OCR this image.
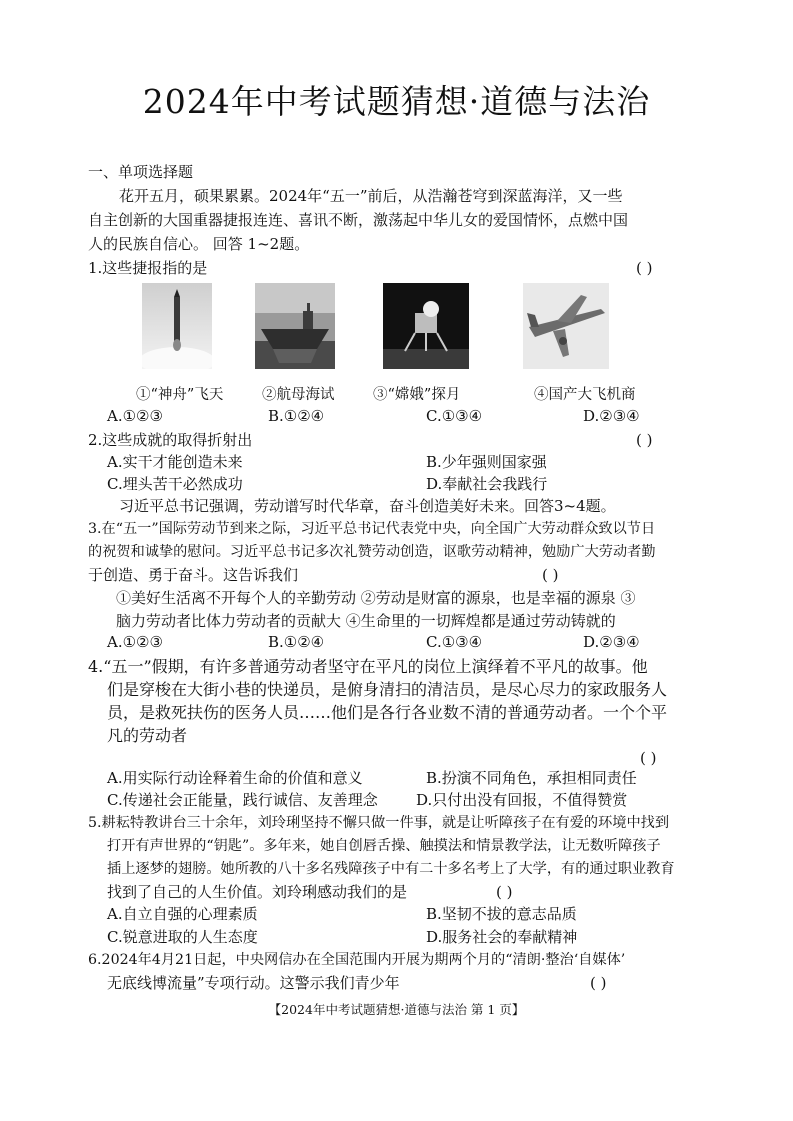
2024年中考试题猜想·道德与法治
一、单项选择题
花开五月，硕果累累。2024年“五一”前后，从浩瀚苍穹到深蓝海洋，又一些
自主创新的大国重器捷报连连、喜讯不断，激荡起中华儿女的爱国情怀，点燃中国
人的民族自信心。 回答 1~2题。
1.这些捷报指的是	( )
①“神舟”飞天	②航母海试	③“嫦娥”探月	④国产大飞机商
A.①②③	B.①②④	C.①③④	D.②③④
2.这些成就的取得折射出	( )
A.实干才能创造未来	B.少年强则国家强
C.埋头苦干必然成功	D.奉献社会我践行
习近平总书记强调，劳动谱写时代华章，奋斗创造美好未来。回答3~4题。
3.在“五一”国际劳动节到来之际，习近平总书记代表党中央，向全国广大劳动群众致以节日
的祝贺和诚挚的慰问。习近平总书记多次礼赞劳动创造，讴歌劳动精神，勉励广大劳动者勤
于创造、勇于奋斗。这告诉我们	( )
①美好生活离不开每个人的辛勤劳动 ②劳动是财富的源泉，也是幸福的源泉 ③
脑力劳动者比体力劳动者的贡献大 ④生命里的一切辉煌都是通过劳动铸就的
A.①②③	B.①②④	C.①③④	D.②③④
4.“五一”假期，有许多普通劳动者坚守在平凡的岗位上演绎着不平凡的故事。他
们是穿梭在大街小巷的快递员，是俯身清扫的清洁员，是尽心尽力的家政服务人
员，是救死扶伤的医务人员……他们是各行各业数不清的普通劳动者。一个个平
凡的劳动者
( )
A.用实际行动诠释着生命的价值和意义	B.扮演不同角色，承担相同责任
C.传递社会正能量，践行诚信、友善理念	D.只付出没有回报，不值得赞赏
5.耕耘特教讲台三十余年，刘玲琍坚持不懈只做一件事，就是让听障孩子在有爱的环境中找到
打开有声世界的“钥匙”。多年来，她自创唇舌操、触摸法和情景教学法，让无数听障孩子
插上逐梦的翅膀。她所教的八十多名残障孩子中有二十多名考上了大学，有的通过职业教育
找到了自己的人生价值。刘玲琍感动我们的是	( )
A.自立自强的心理素质	B.坚韧不拔的意志品质
C.锐意进取的人生态度	D.服务社会的奉献精神
6.2024年4月21日起，中央网信办在全国范围内开展为期两个月的“清朗·整治‘自媒体’
无底线博流量”专项行动。这警示我们青少年	( )
【2024年中考试题猜想·道德与法治 第 1 页】
